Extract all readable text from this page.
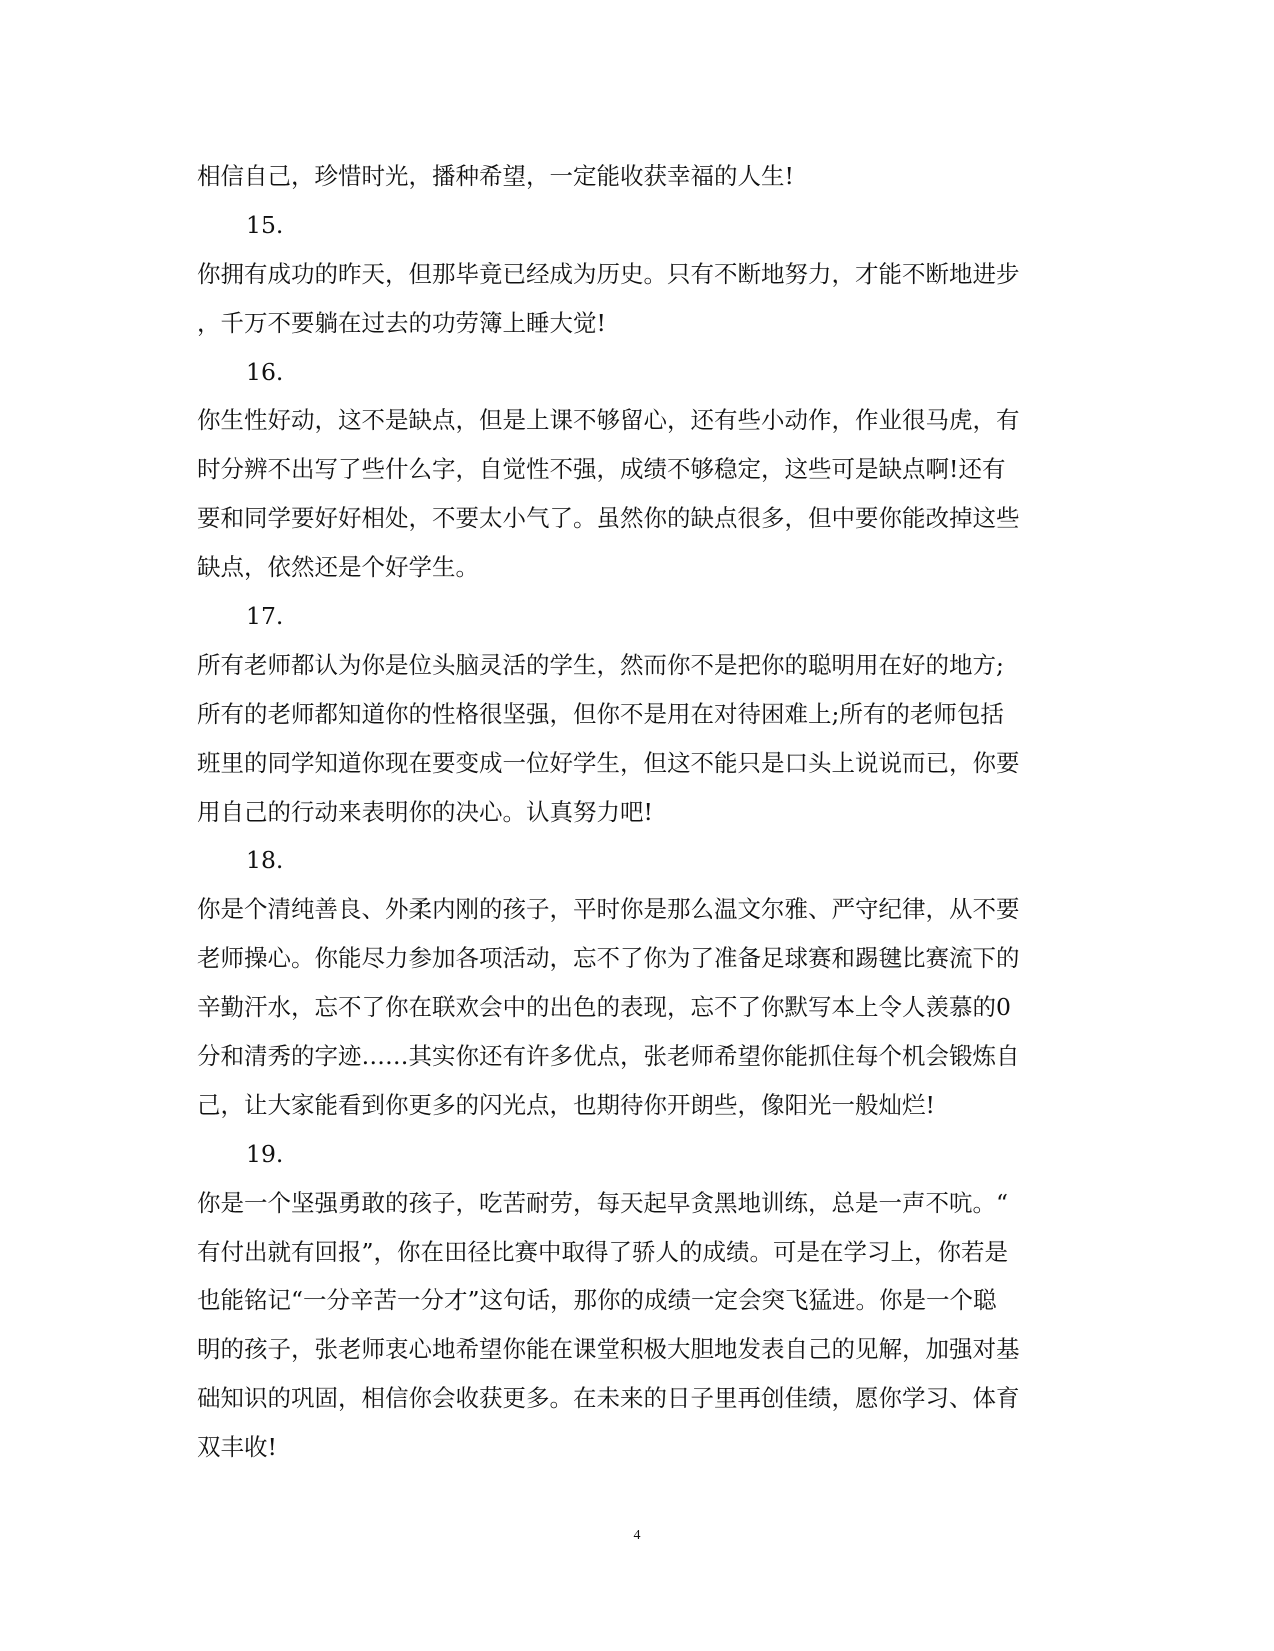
相信自己，珍惜时光，播种希望，一定能收获幸福的人生!
15.
你拥有成功的昨天，但那毕竟已经成为历史。只有不断地努力，才能不断地进步
，千万不要躺在过去的功劳簿上睡大觉!
16.
你生性好动，这不是缺点，但是上课不够留心，还有些小动作，作业很马虎，有
时分辨不出写了些什么字，自觉性不强，成绩不够稳定，这些可是缺点啊!还有
要和同学要好好相处，不要太小气了。虽然你的缺点很多，但中要你能改掉这些
缺点，依然还是个好学生。
17.
所有老师都认为你是位头脑灵活的学生，然而你不是把你的聪明用在好的地方;
所有的老师都知道你的性格很坚强，但你不是用在对待困难上;所有的老师包括
班里的同学知道你现在要变成一位好学生，但这不能只是口头上说说而已，你要
用自己的行动来表明你的决心。认真努力吧!
18.
你是个清纯善良、外柔内刚的孩子，平时你是那么温文尔雅、严守纪律，从不要
老师操心。你能尽力参加各项活动，忘不了你为了准备足球赛和踢毽比赛流下的
辛勤汗水，忘不了你在联欢会中的出色的表现，忘不了你默写本上令人羡慕的0
分和清秀的字迹……其实你还有许多优点，张老师希望你能抓住每个机会锻炼自
己，让大家能看到你更多的闪光点，也期待你开朗些，像阳光一般灿烂!
19.
你是一个坚强勇敢的孩子，吃苦耐劳，每天起早贪黑地训练，总是一声不吭。“
有付出就有回报”，你在田径比赛中取得了骄人的成绩。可是在学习上，你若是
也能铭记“一分辛苦一分才”这句话，那你的成绩一定会突飞猛进。你是一个聪
明的孩子，张老师衷心地希望你能在课堂积极大胆地发表自己的见解，加强对基
础知识的巩固，相信你会收获更多。在未来的日子里再创佳绩，愿你学习、体育
双丰收!
4
